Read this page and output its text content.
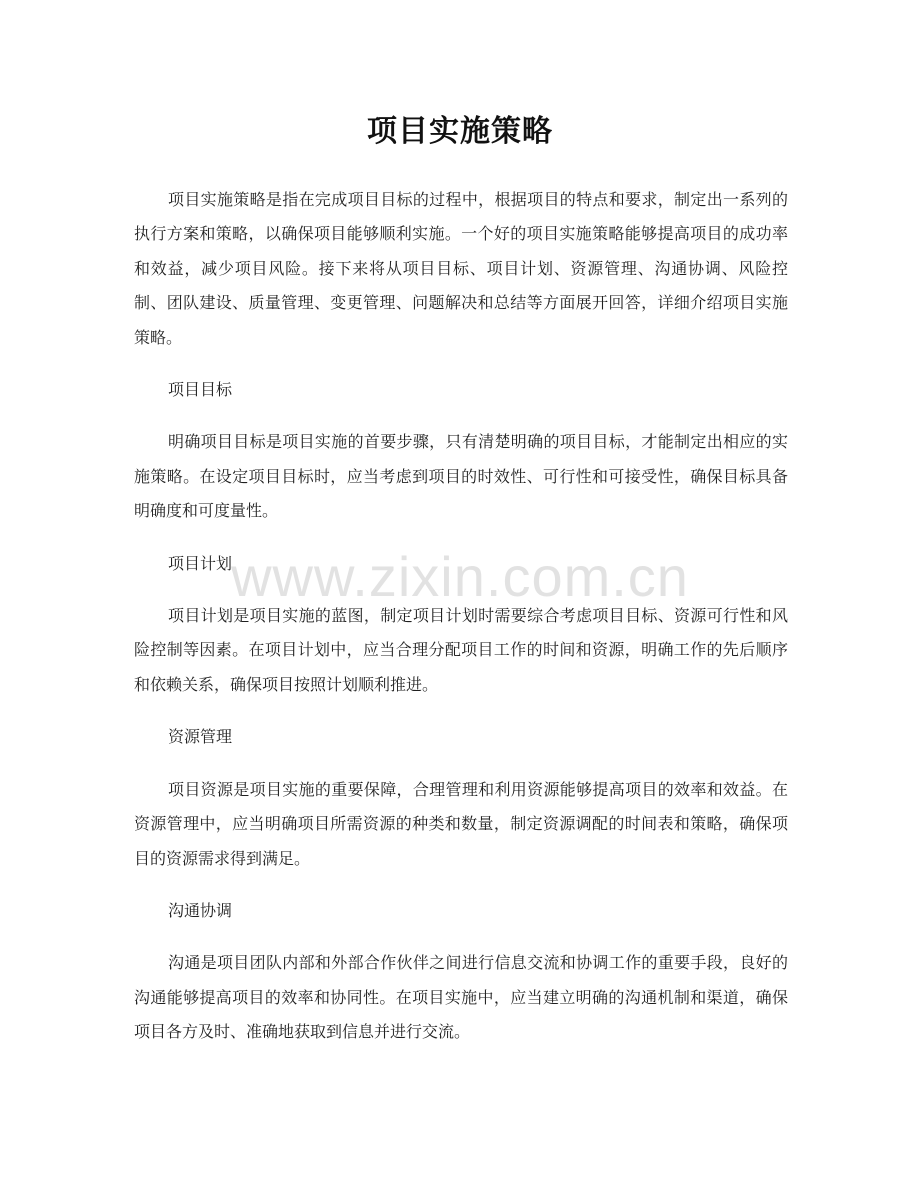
项目实施策略

项目实施策略是指在完成项目目标的过程中，根据项目的特点和要求，制定出一系列的执行方案和策略，以确保项目能够顺利实施。一个好的项目实施策略能够提高项目的成功率和效益，减少项目风险。接下来将从项目目标、项目计划、资源管理、沟通协调、风险控制、团队建设、质量管理、变更管理、问题解决和总结等方面展开回答，详细介绍项目实施策略。

项目目标

明确项目目标是项目实施的首要步骤，只有清楚明确的项目目标，才能制定出相应的实施策略。在设定项目目标时，应当考虑到项目的时效性、可行性和可接受性，确保目标具备明确度和可度量性。

项目计划

项目计划是项目实施的蓝图，制定项目计划时需要综合考虑项目目标、资源可行性和风险控制等因素。在项目计划中，应当合理分配项目工作的时间和资源，明确工作的先后顺序和依赖关系，确保项目按照计划顺利推进。

资源管理

项目资源是项目实施的重要保障，合理管理和利用资源能够提高项目的效率和效益。在资源管理中，应当明确项目所需资源的种类和数量，制定资源调配的时间表和策略，确保项目的资源需求得到满足。

沟通协调

沟通是项目团队内部和外部合作伙伴之间进行信息交流和协调工作的重要手段，良好的沟通能够提高项目的效率和协同性。在项目实施中，应当建立明确的沟通机制和渠道，确保项目各方及时、准确地获取到信息并进行交流。

www.zixin.com.cn
